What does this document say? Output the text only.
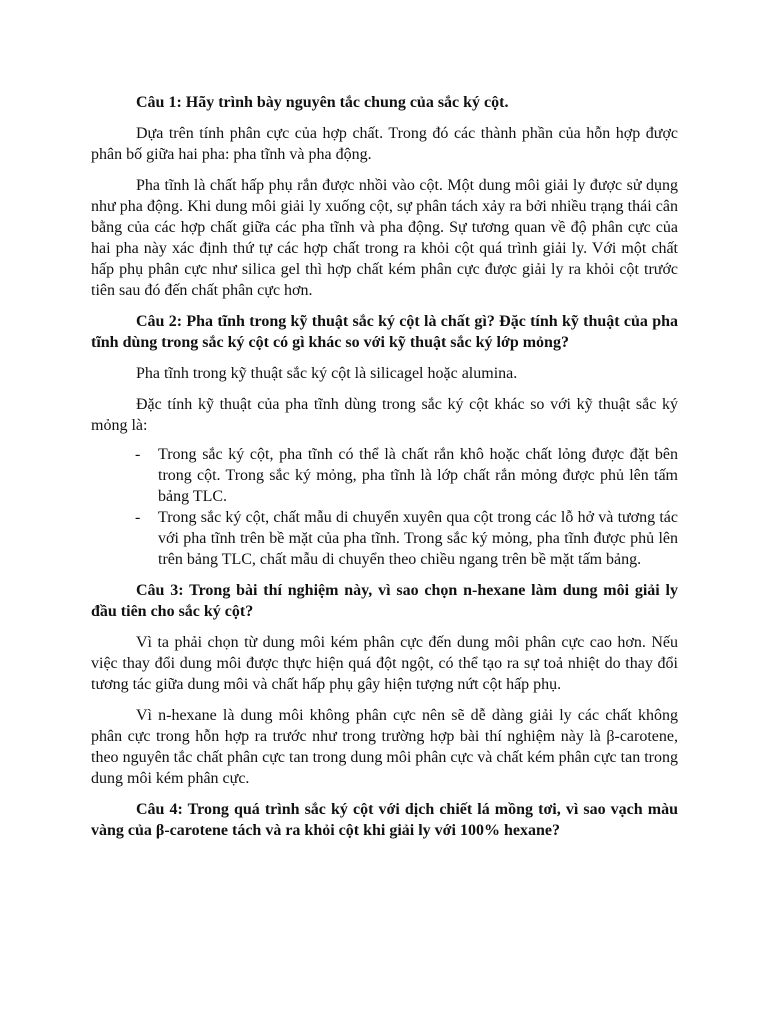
Câu 1: Hãy trình bày nguyên tắc chung của sắc ký cột.

Dựa trên tính phân cực của hợp chất. Trong đó các thành phần của hỗn hợp được phân bố giữa hai pha: pha tĩnh và pha động.

Pha tĩnh là chất hấp phụ rắn được nhồi vào cột. Một dung môi giải ly được sử dụng như pha động. Khi dung môi giải ly xuống cột, sự phân tách xảy ra bởi nhiều trạng thái cân bằng của các hợp chất giữa các pha tĩnh và pha động. Sự tương quan về độ phân cực của hai pha này xác định thứ tự các hợp chất trong ra khỏi cột quá trình giải ly. Với một chất hấp phụ phân cực như silica gel thì hợp chất kém phân cực được giải ly ra khỏi cột trước tiên sau đó đến chất phân cực hơn.

Câu 2: Pha tĩnh trong kỹ thuật sắc ký cột là chất gì? Đặc tính kỹ thuật của pha tĩnh dùng trong sắc ký cột có gì khác so với kỹ thuật sắc ký lớp mỏng?

Pha tĩnh trong kỹ thuật sắc ký cột là silicagel hoặc alumina.

Đặc tính kỹ thuật của pha tĩnh dùng trong sắc ký cột khác so với kỹ thuật sắc ký mỏng là:

- Trong sắc ký cột, pha tĩnh có thể là chất rắn khô hoặc chất lỏng được đặt bên trong cột. Trong sắc ký mỏng, pha tĩnh là lớp chất rắn mỏng được phủ lên tấm bảng TLC.
- Trong sắc ký cột, chất mẫu di chuyển xuyên qua cột trong các lỗ hở và tương tác với pha tĩnh trên bề mặt của pha tĩnh. Trong sắc ký mỏng, pha tĩnh được phủ lên trên bảng TLC, chất mẫu di chuyển theo chiều ngang trên bề mặt tấm bảng.

Câu 3: Trong bài thí nghiệm này, vì sao chọn n-hexane làm dung môi giải ly đầu tiên cho sắc ký cột?

Vì ta phải chọn từ dung môi kém phân cực đến dung môi phân cực cao hơn. Nếu việc thay đổi dung môi được thực hiện quá đột ngột, có thể tạo ra sự toả nhiệt do thay đổi tương tác giữa dung môi và chất hấp phụ gây hiện tượng nứt cột hấp phụ.

Vì n-hexane là dung môi không phân cực nên sẽ dễ dàng giải ly các chất không phân cực trong hỗn hợp ra trước như trong trường hợp bài thí nghiệm này là β-carotene, theo nguyên tắc chất phân cực tan trong dung môi phân cực và chất kém phân cực tan trong dung môi kém phân cực.

Câu 4: Trong quá trình sắc ký cột với dịch chiết lá mồng tơi, vì sao vạch màu vàng của β-carotene tách và ra khỏi cột khi giải ly với 100% hexane?
